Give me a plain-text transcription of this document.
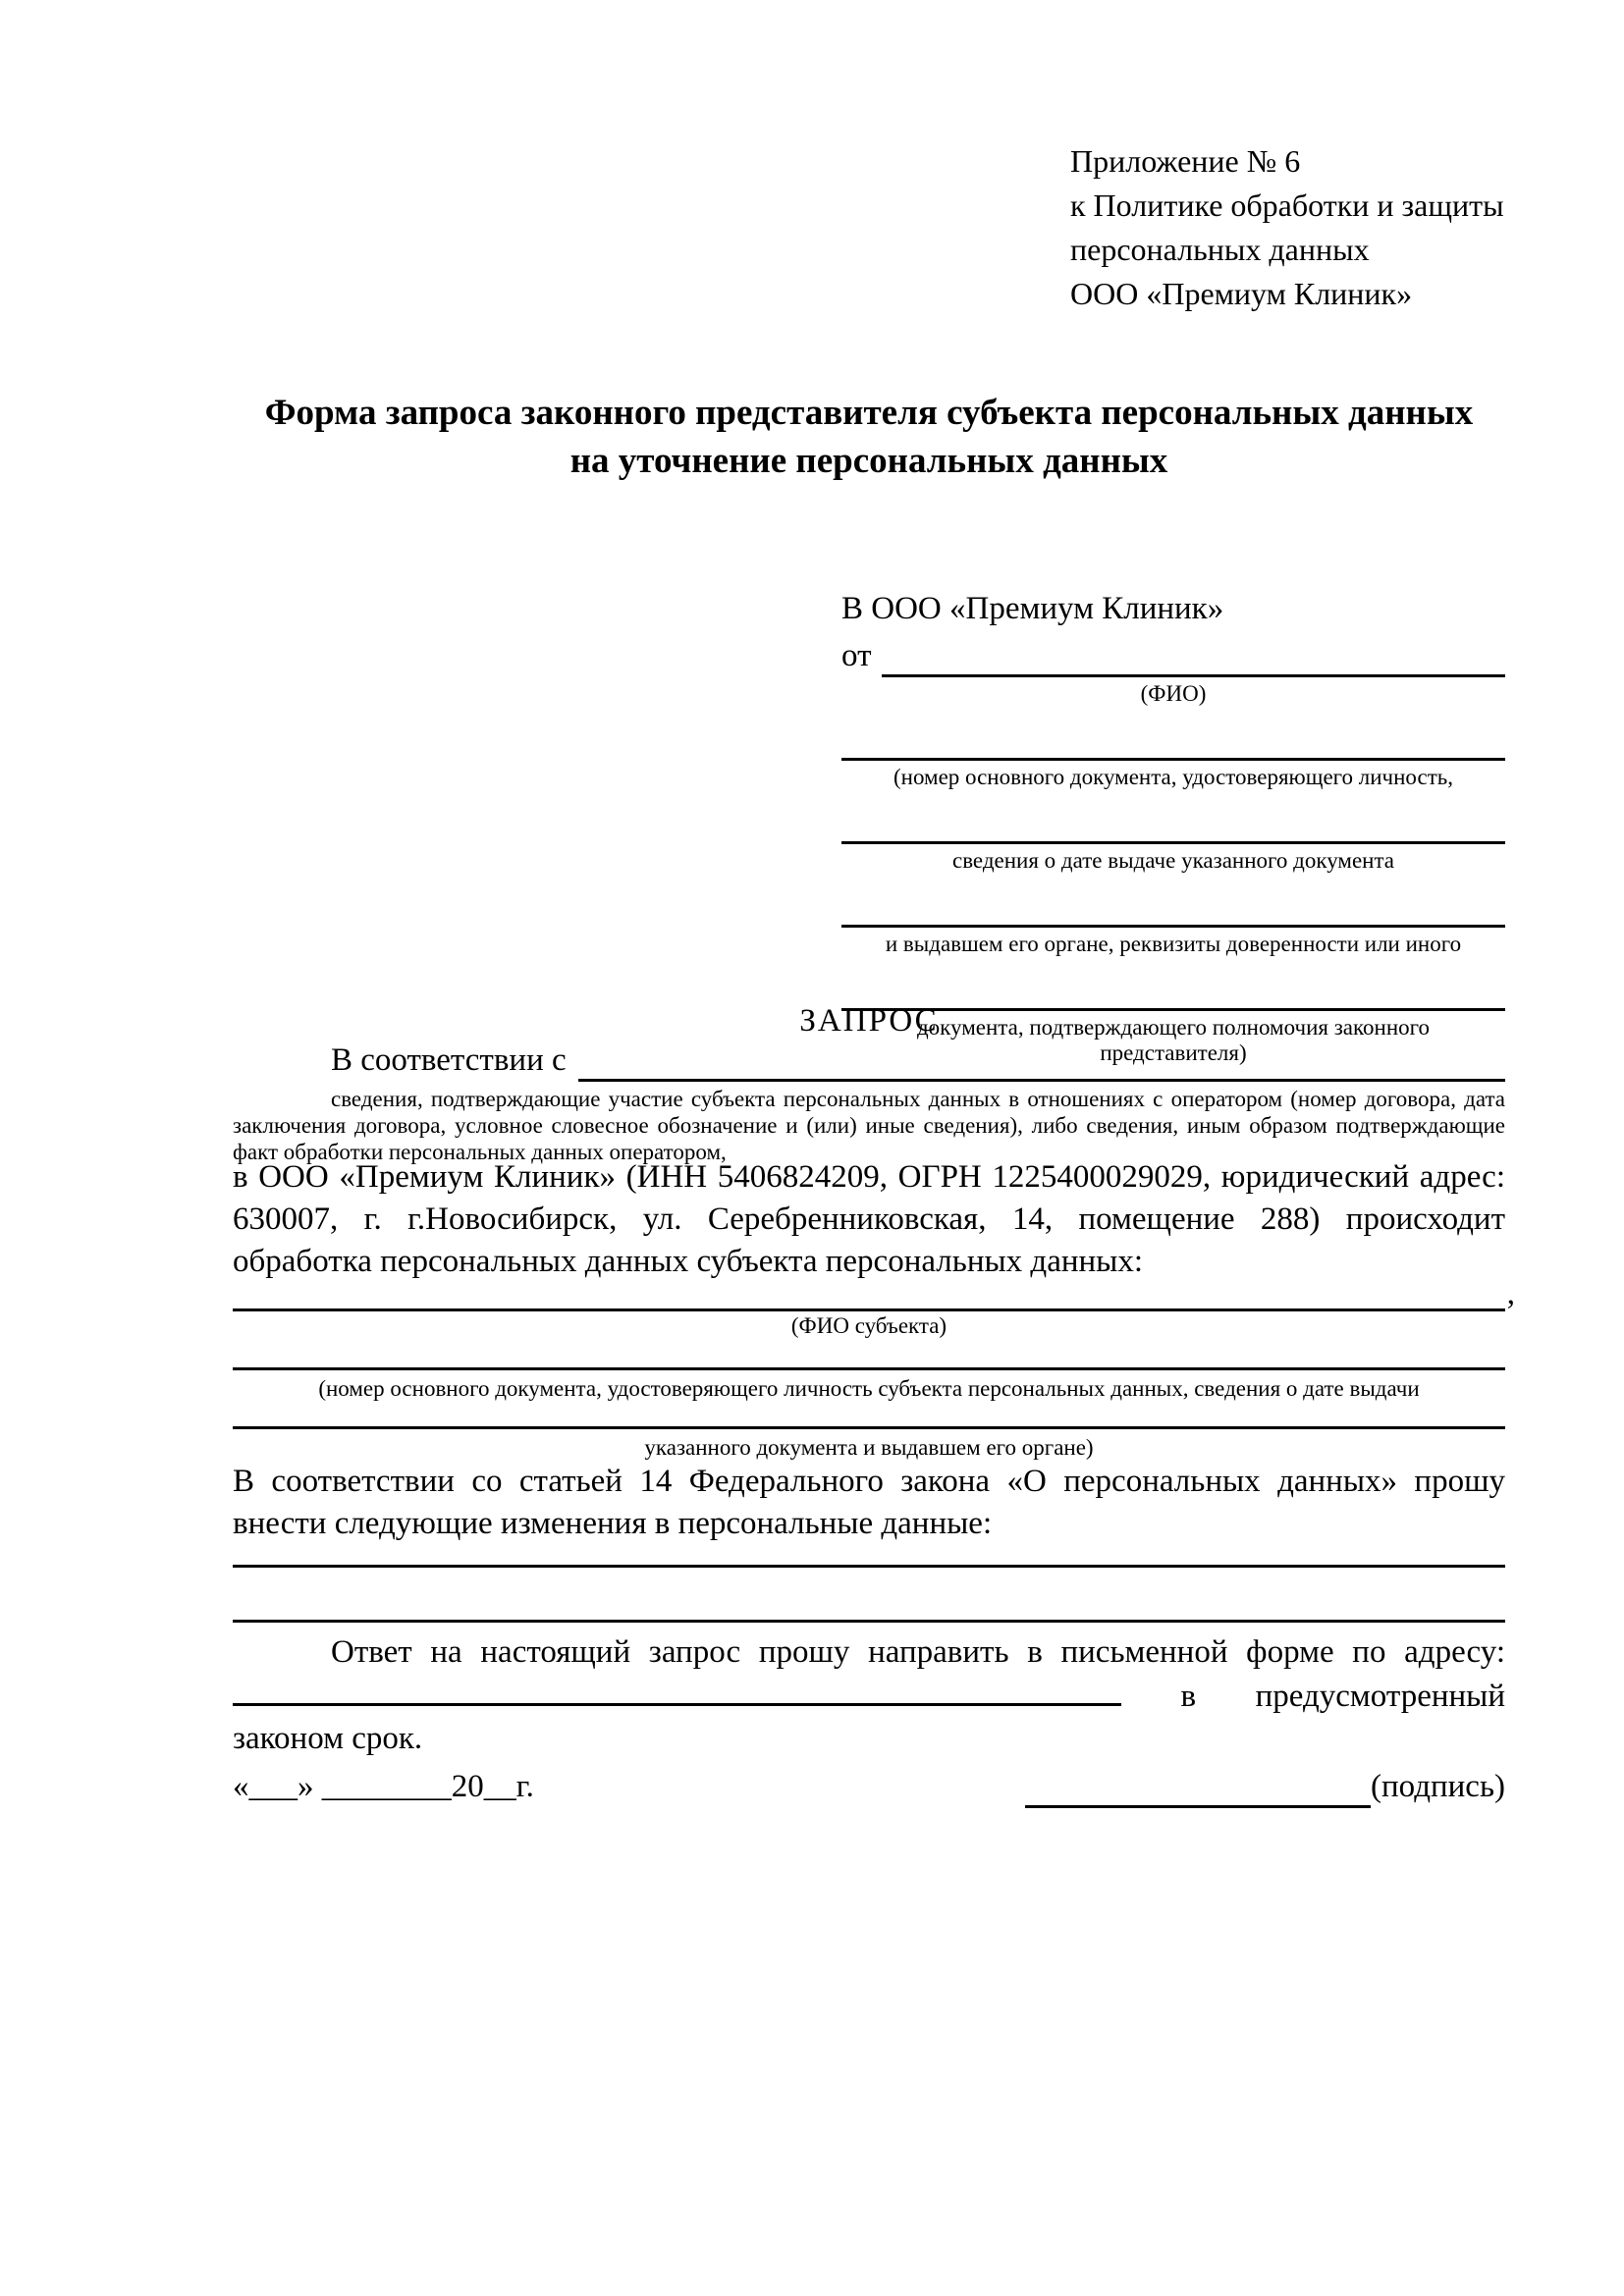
Приложение № 6
к Политике обработки и защиты
персональных данных
ООО «Премиум Клиник»
Форма запроса законного представителя субъекта персональных данных
на уточнение персональных данных
В ООО «Премиум Клиник»
от
(ФИО)
(номер основного документа, удостоверяющего личность,
сведения о дате выдаче указанного документа
и выдавшем его органе, реквизиты доверенности или иного
документа, подтверждающего полномочия законного представителя)
ЗАПРОС
В соответствии с
сведения, подтверждающие участие субъекта персональных данных в отношениях с оператором (номер договора, дата заключения договора, условное словесное обозначение и (или) иные сведения), либо сведения, иным образом подтверждающие факт обработки персональных данных оператором,
в ООО «Премиум Клиник» (ИНН 5406824209, ОГРН 1225400029029, юридический адрес: 630007, г. г.Новосибирск, ул. Серебренниковская, 14, помещение 288) происходит обработка персональных данных субъекта персональных данных:
,
(ФИО субъекта)
(номер основного документа, удостоверяющего личность субъекта персональных данных, сведения о дате выдачи
указанного документа и выдавшем его органе)
В соответствии со статьей 14 Федерального закона «О персональных данных» прошу внести следующие изменения в персональные данные:
Ответ на настоящий запрос прошу направить в письменной форме по адресу:  в предусмотренный законом срок.
«___» ________20__г.	(подпись)
